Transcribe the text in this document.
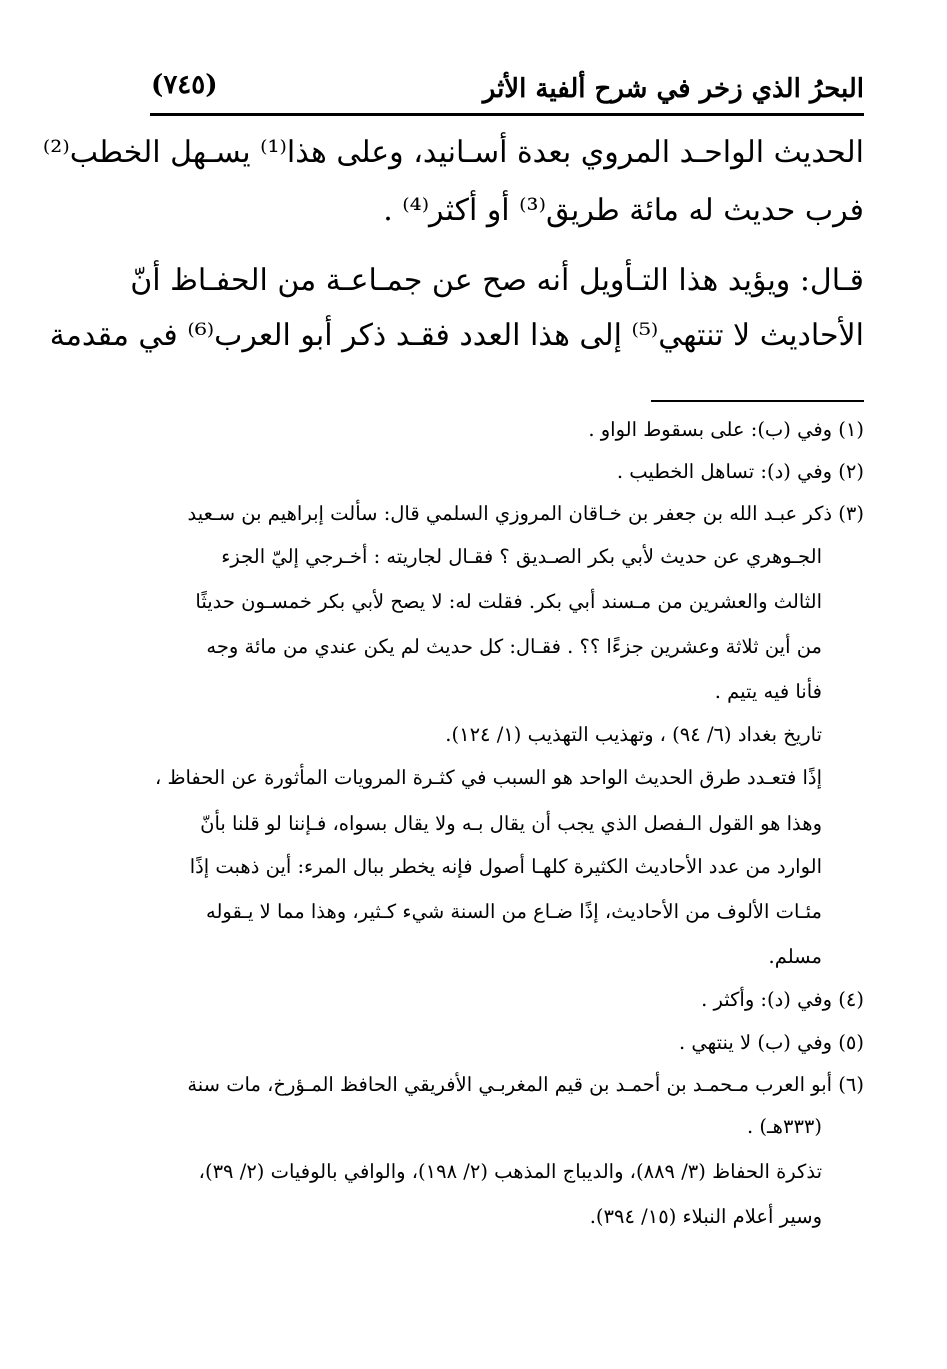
البحرُ الذي زخر في شرح ألفية الأثر
(٧٤٥)
الحديث الواحـد المروي بعدة أسـانيد، وعلى هذا⁽¹⁾ يسـهل الخطب⁽²⁾
فرب حديث له مائة طريق⁽³⁾ أو أكثر⁽⁴⁾ .
قـال: ويؤيد هذا التـأويل أنه صح عن جمـاعـة من الحفـاظ أنّ
الأحاديث لا تنتهي⁽⁵⁾ إلى هذا العدد فقـد ذكر أبو العرب⁽⁶⁾ في مقدمة
(١) وفي (ب): على بسقوط الواو .
(٢) وفي (د): تساهل الخطيب .
(٣) ذكر عبـد الله بن جعفر بن خـاقان المروزي السلمي قال: سألت إبراهيم بن سـعيد
الجـوهري عن حديث لأبي بكر الصـديق ؟ فقـال لجاريته : أخـرجي إليّ الجزء
الثالث والعشرين من مـسند أبي بكر. فقلت له: لا يصح لأبي بكر خمسـون حديثًا
من أين ثلاثة وعشرين جزءًا ؟؟ . فقـال: كل حديث لم يكن عندي من مائة وجه
فأنا فيه يتيم .
تاريخ بغداد (٦/ ٩٤) ، وتهذيب التهذيب (١/ ١٢٤).
إذًا فتعـدد طرق الحديث الواحد هو السبب في كثـرة المرويات المأثورة عن الحفاظ ،
وهذا هو القول الـفصل الذي يجب أن يقال بـه ولا يقال بسواه، فـإننا لو قلنا بأنّ
الوارد من عدد الأحاديث الكثيرة كلهـا أصول فإنه يخطر ببال المرء: أين ذهبت إذًا
مئـات الألوف من الأحاديث، إذًا ضـاع من السنة شيء كـثير، وهذا مما لا يـقوله
مسلم.
(٤) وفي (د): وأكثر .
(٥) وفي (ب) لا ينتهي .
(٦) أبو العرب مـحمـد بن أحمـد بن قيم المغربـي الأفريقي الحافظ المـؤرخ، مات سنة
(٣٣٣هـ) .
تذكرة الحفاظ (٣/ ٨٨٩)، والديباج المذهب (٢/ ١٩٨)، والوافي بالوفيات (٢/ ٣٩)،
وسير أعلام النبلاء (١٥/ ٣٩٤).
